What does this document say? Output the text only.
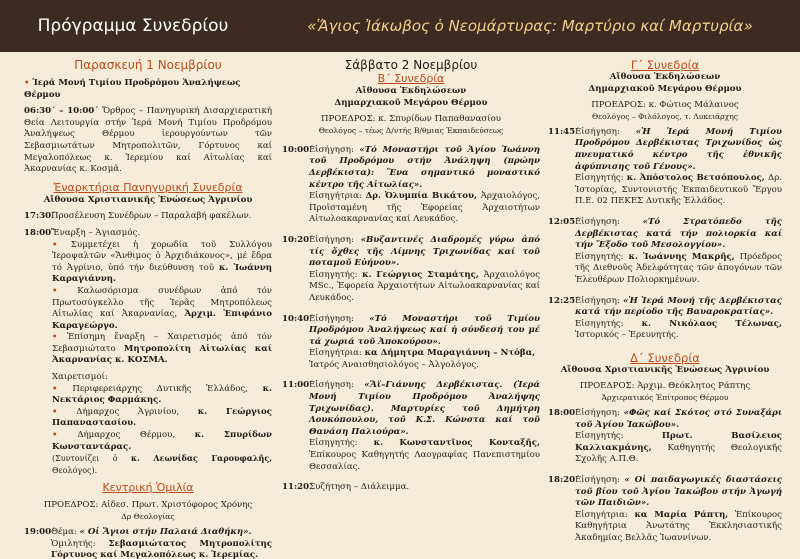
Πρόγραμμα Συνεδρίου	«Ἅγιος Ἰάκωβος ὁ Νεομάρτυρας: Μαρτύριο καί Μαρτυρία»
Παρασκευή 1 Νοεμβρίου

• Ἱερά Μονή Τιμίου Προδρόμου Ἀναλήψεως Θέρμου

06:30΄ – 10:00΄ Ὄρθρος – Πανηγυρική Δισαρχιερατική Θεία Λειτουργία στήν Ἱερά Μονή Τιμίου Προδρόμου Ἀναλήψεως Θέρμου ἱερουργούντων τῶν Σεβασμιωτάτων Μητροπολιτῶν, Γόρτυνος καί Μεγαλοπόλεως κ. Ἱερεμίου καί Αἰτωλίας καί Ἀκαρνανίας κ. Κοσμᾶ.

Ἐναρκτήρια Πανηγυρική Συνεδρία
Αἴθουσα Χριστιανικῆς Ἑνώσεως Ἀγρινίου
17:30΄
Προσέλευση Συνέδρων – Παραλαβή φακέλων.
18:00΄
Ἔναρξη – Ἁγιασμός.

• Συμμετέχει ἡ χορωδία τοῦ Συλλόγου Ἱεροψαλτῶν «Ἄνθιμος ὁ Ἀρχιδιάκονος», μέ ἔδρα τό Ἀγρίνιο, ὑπό τήν διεύθυνση τοῦ κ. Ἰωάννη Καραγιάννη.

• Καλωσόρισμα συνέδρων ἀπό τόν Πρωτοσύγκελλο τῆς Ἱερᾶς Μητροπόλεως Αἰτωλίας καί Ἀκαρνανίας, Ἀρχιμ. Ἐπιφάνιο Καραγεώργο.

• Ἐπίσημη ἔναρξη – Χαιρετισμός ἀπό τόν Σεβασμιώτατο Μητροπολίτη Αἰτωλίας καί Ἀκαρνανίας κ. ΚΟΣΜΑ.

Χαιρετισμοί:

• Περιφερειάρχης Δυτικῆς Ἑλλάδος, κ. Νεκτάριος Φαρμάκης.

• Δήμαρχος Ἀγρινίου, κ. Γεώργιος Παπαναστασίου.

• Δήμαρχος Θέρμου, κ. Σπυρίδων Κωνσταντάρας.

(Συντονίζει ὁ κ. Λεωνίδας Γαρουφαλῆς, Θεολόγος).

Κεντρική Ὁμιλία
ΠΡΟΕΔΡΟΣ: Αἰδεσ. Πρωτ. Χριστόφορος Χρόνης
Δρ Θεολογίας
19:00΄
Θέμα: « Οἱ Ἅγιοι στήν Παλαιά Διαθήκη».
Ὁμιλητής: Σεβασμιώτατος Μητροπολίτης Γόρτυνος καί Μεγαλοπόλεως κ. Ἱερεμίας.
Σάββατο 2 Νοεμβρίου
Β΄ Συνεδρία
Αἴθουσα Ἐκδηλώσεων
Δημαρχιακοῦ Μεγάρου Θέρμου
ΠΡΟΕΔΡΟΣ: κ. Σπυρίδων Παπαθανασίου
Θεολόγος – τέως Δ/ντής Β/θμιας Ἐκπαιδεύσεως
10:00΄
Εἰσήγηση: «Τό Μοναστήρι τοῦ Ἁγίου Ἰωάννη τοῦ Προδρόμου στήν Ἀνάληψη (πρώην Δερβέκιστα): Ἕνα σημαντικό μοναστικό κέντρο τῆς Αἰτωλίας».
Εἰσηγήτρια: Δρ. Ὀλυμπία Βικάτου, Ἀρχαιολόγος, Προϊσταμένη τῆς Ἐφορείας Ἀρχαιοτήτων Αἰτωλοακαρνανίας καί Λευκάδος.
10:20΄
Εἰσήγηση: «Βυζαντινές Διαδρομές γύρω ἀπό τίς ὄχθες τῆς Λίμνης Τριχωνίδας καί τοῦ ποταμοῦ Εὐήνου».
Εἰσηγητής: κ. Γεώργιος Σταμάτης, Ἀρχαιολόγος MSc., Ἐφορεία Ἀρχαιοτήτων Αἰτωλοακαρνανίας καί Λευκάδος.
10:40΄
Εἰσήγηση: «Τό Μοναστήρι τοῦ Τιμίου Προδρόμου Ἀναλήψεως καί ἡ σύνδεσή του μέ τά χωριά τοῦ Ἀποκούρου».
Εἰσηγήτρια: κα Δήμητρα Μαραγιάννη – Ντόβα,
Ἰατρός Αναισθησιολόγος – Ἀλγολόγος.
11:00΄
Εἰσήγηση: «Ἅϊ–Γιάννης Δερβέκιστας. (Ἱερά Μονή Τιμίου Προδρόμου Ἀναλήψης Τριχωνίδας). Μαρτυρίες τοῦ Δημήτρη Λουκόπουλου, τοῦ Κ.Σ. Κώνστα καί τοῦ Θανάση Παλιούρα».
Εἰσηγητής: κ. Κωνσταντῖνος Κονταξῆς, Ἐπίκουρος Καθηγητής Λαογραφίας Πανεπιστημίου Θεσσαλίας.
11:20΄
Συζήτηση – Διάλειμμα.
Γ΄ Συνεδρία
Αἴθουσα Ἐκδηλώσεων
Δημαρχιακοῦ Μεγάρου Θέρμου
ΠΡΟΕΔΡΟΣ: κ. Φώτιος Μάλαινος
Θεολόγος – Φιλόλογος, τ. Λυκειάρχης
11:45΄
Εἰσήγηση: «Ἡ Ἱερά Μονή Τιμίου Προδρόμου Δερβέκιστας Τριχωνίδος ὡς πνευματικό κέντρο τῆς ἐθνικῆς ἀφύπνισης τοῦ Γένους».
Εἰσηγητής: κ. Ἀπόστολος Βετσόπουλος, Δρ. Ἱστορίας, Συντονιστής Ἐκπαιδευτικοῦ Ἔργου Π.Ε. 02 ΠΕΚΕΣ Δυτικῆς Ἑλλάδος.
12:05΄
Εἰσήγηση:	«Τό Στρατόπεδο τῆς Δερβέκιστας κατά τήν πολιορκία καί τήν Ἔξοδο τοῦ Μεσολογγίου».
Εἰσηγητής: κ. Ἰωάννης Μακρῆς, Πρόεδρος τῆς Διεθνοῦς Ἀδελφότητας τῶν ἀπογόνων τῶν Ἐλευθέρων Πολιορκημένων.
12:25΄
Εἰσήγηση: «Ἡ Ἱερά Μονή τῆς Δερβέκιστας κατά τήν περίοδο τῆς Βαυαροκρατίας».
Εἰσηγητής: κ. Νικόλαος Τέλωνας, Ἱστορικός – Ἐρευνητής.
Δ΄ Συνεδρία
Αἴθουσα Χριστιανικῆς Ἑνώσεως Ἀγρινίου
ΠΡΟΕΔΡΟΣ: Ἀρχιμ. Θεόκλητος Ράπτης
Ἀρχιερατικός Ἐπίτροπος Θέρμου
18:00΄
Εἰσήγηση: «Φῶς καί Σκότος στό Συναξάρι τοῦ Ἁγίου Ἰακώβου».
Εἰσηγητής:	Πρωτ. Βασίλειος Καλλιακμάνης, Καθηγητής Θεολογικῆς Σχολῆς Α.Π.Θ.
18:20΄
Εἰσήγηση: « Οἱ παιδαγωγικές διαστάσεις τοῦ βίου τοῦ Ἁγίου Ἰακώβου στήν Ἀγωγή τῶν Παιδιῶν».
Εἰσηγήτρια: κα Μαρία Ράπτη, Ἐπίκουρος Καθηγήτρια Ἀνωτάτης Ἐκκλησιαστικῆς Ἀκαδημίας Βελλᾶς Ἰωαννίνων.
